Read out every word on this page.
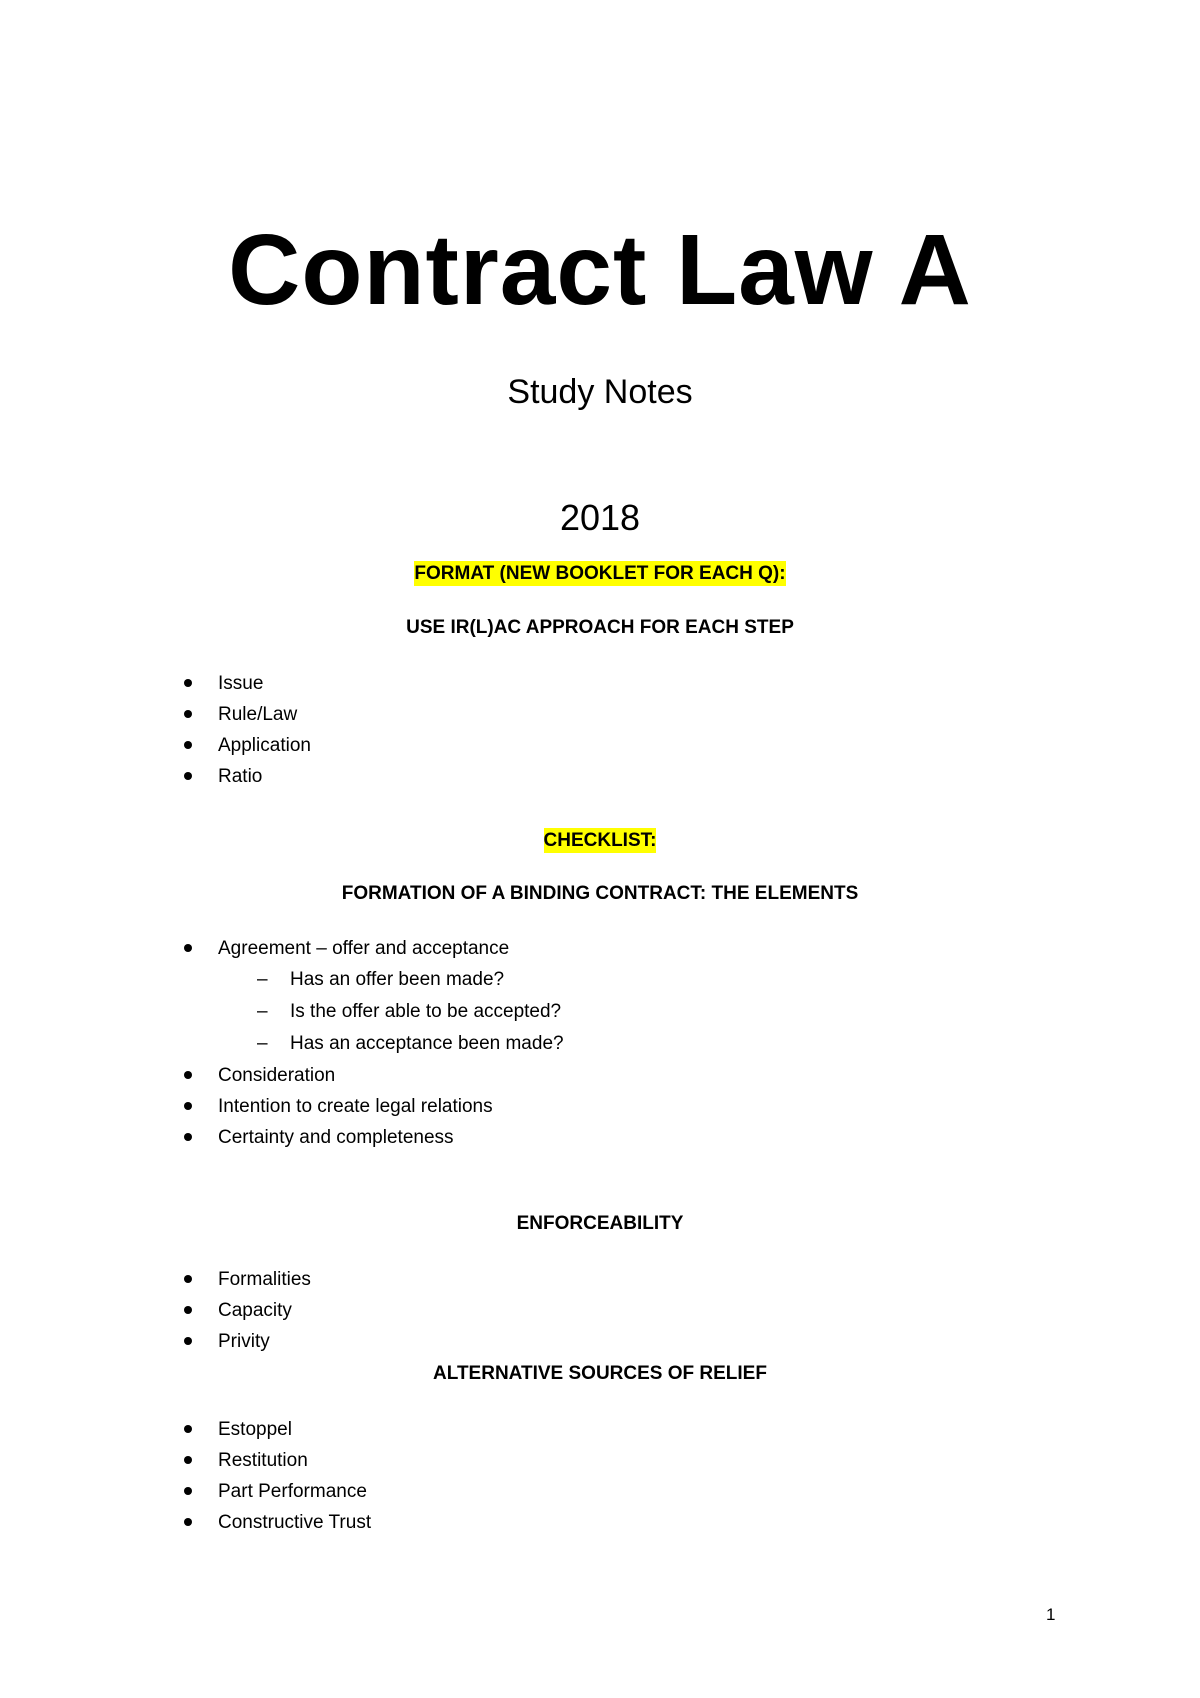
Contract Law A
Study Notes
2018
FORMAT (NEW BOOKLET FOR EACH Q):
USE IR(L)AC APPROACH FOR EACH STEP
Issue
Rule/Law
Application
Ratio
CHECKLIST:
FORMATION OF A BINDING CONTRACT: THE ELEMENTS
Agreement – offer and acceptance
– Has an offer been made?
– Is the offer able to be accepted?
– Has an acceptance been made?
Consideration
Intention to create legal relations
Certainty and completeness
ENFORCEABILITY
Formalities
Capacity
Privity
ALTERNATIVE SOURCES OF RELIEF
Estoppel
Restitution
Part Performance
Constructive Trust
1
